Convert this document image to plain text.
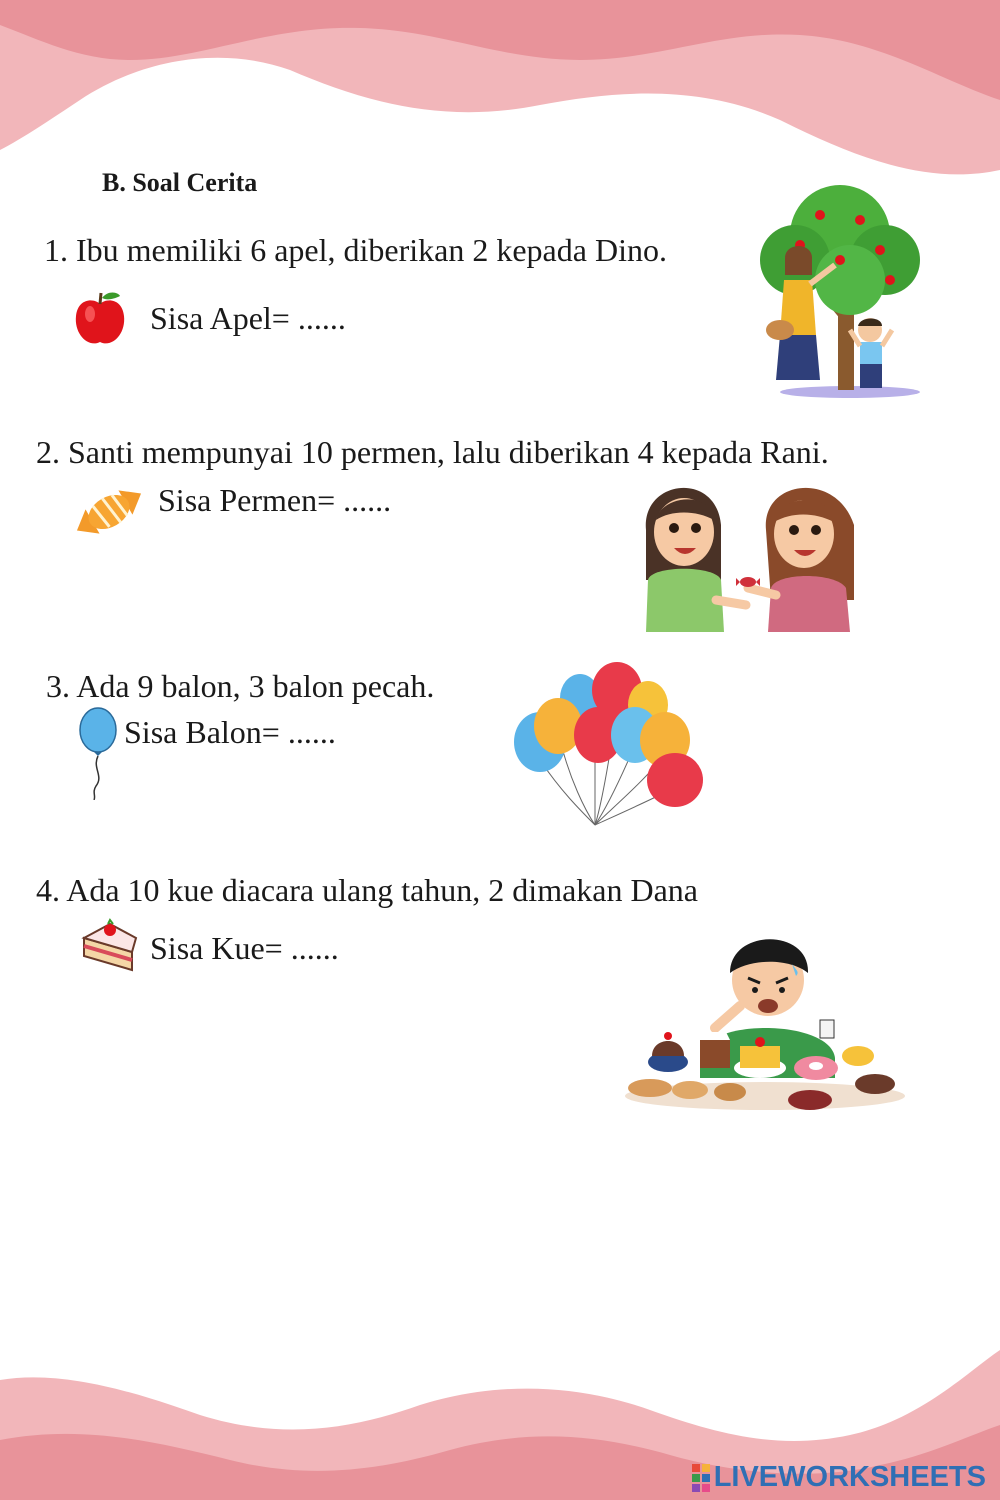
B. Soal Cerita
1. Ibu memiliki 6 apel, diberikan 2 kepada Dino.
Sisa Apel= ......
2. Santi mempunyai 10 permen, lalu diberikan 4 kepada Rani.
Sisa Permen= ......
3. Ada 9 balon, 3 balon pecah.
Sisa Balon= ......
4. Ada 10 kue diacara ulang tahun, 2 dimakan Dana
Sisa Kue= ......
LIVEWORKSHEETS
